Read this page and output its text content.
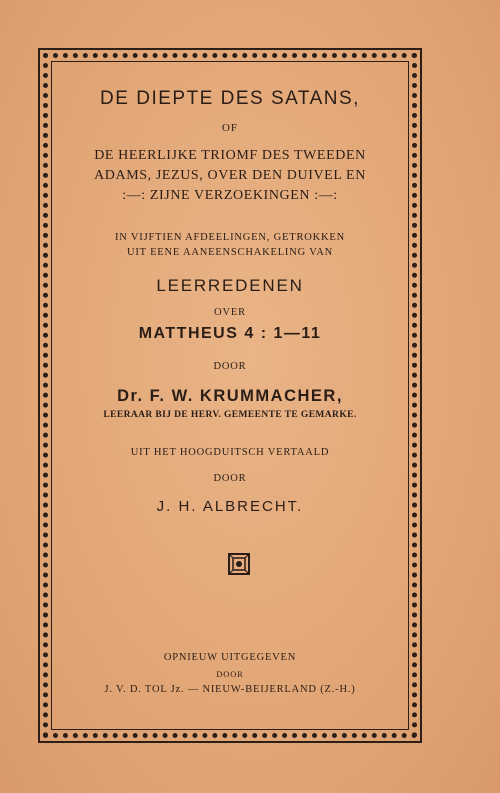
DE DIEPTE DES SATANS,
OF
DE HEERLIJKE TRIOMF DES TWEEDEN
ADAMS, JEZUS, OVER DEN DUIVEL EN
:—: ZIJNE VERZOEKINGEN :—:
IN VIJFTIEN AFDEELINGEN, GETROKKEN
UIT EENE AANEENSCHAKELING VAN
LEERREDENEN
OVER
MATTHEUS 4 : 1—11
DOOR
Dr. F. W. KRUMMACHER,
LEERAAR BIJ DE HERV. GEMEENTE TE GEMARKE.
UIT HET HOOGDUITSCH VERTAALD
DOOR
J. H. ALBRECHT.
OPNIEUW UITGEGEVEN
DOOR
J. V. D. TOL Jz. — NIEUW-BEIJERLAND (Z.-H.)
